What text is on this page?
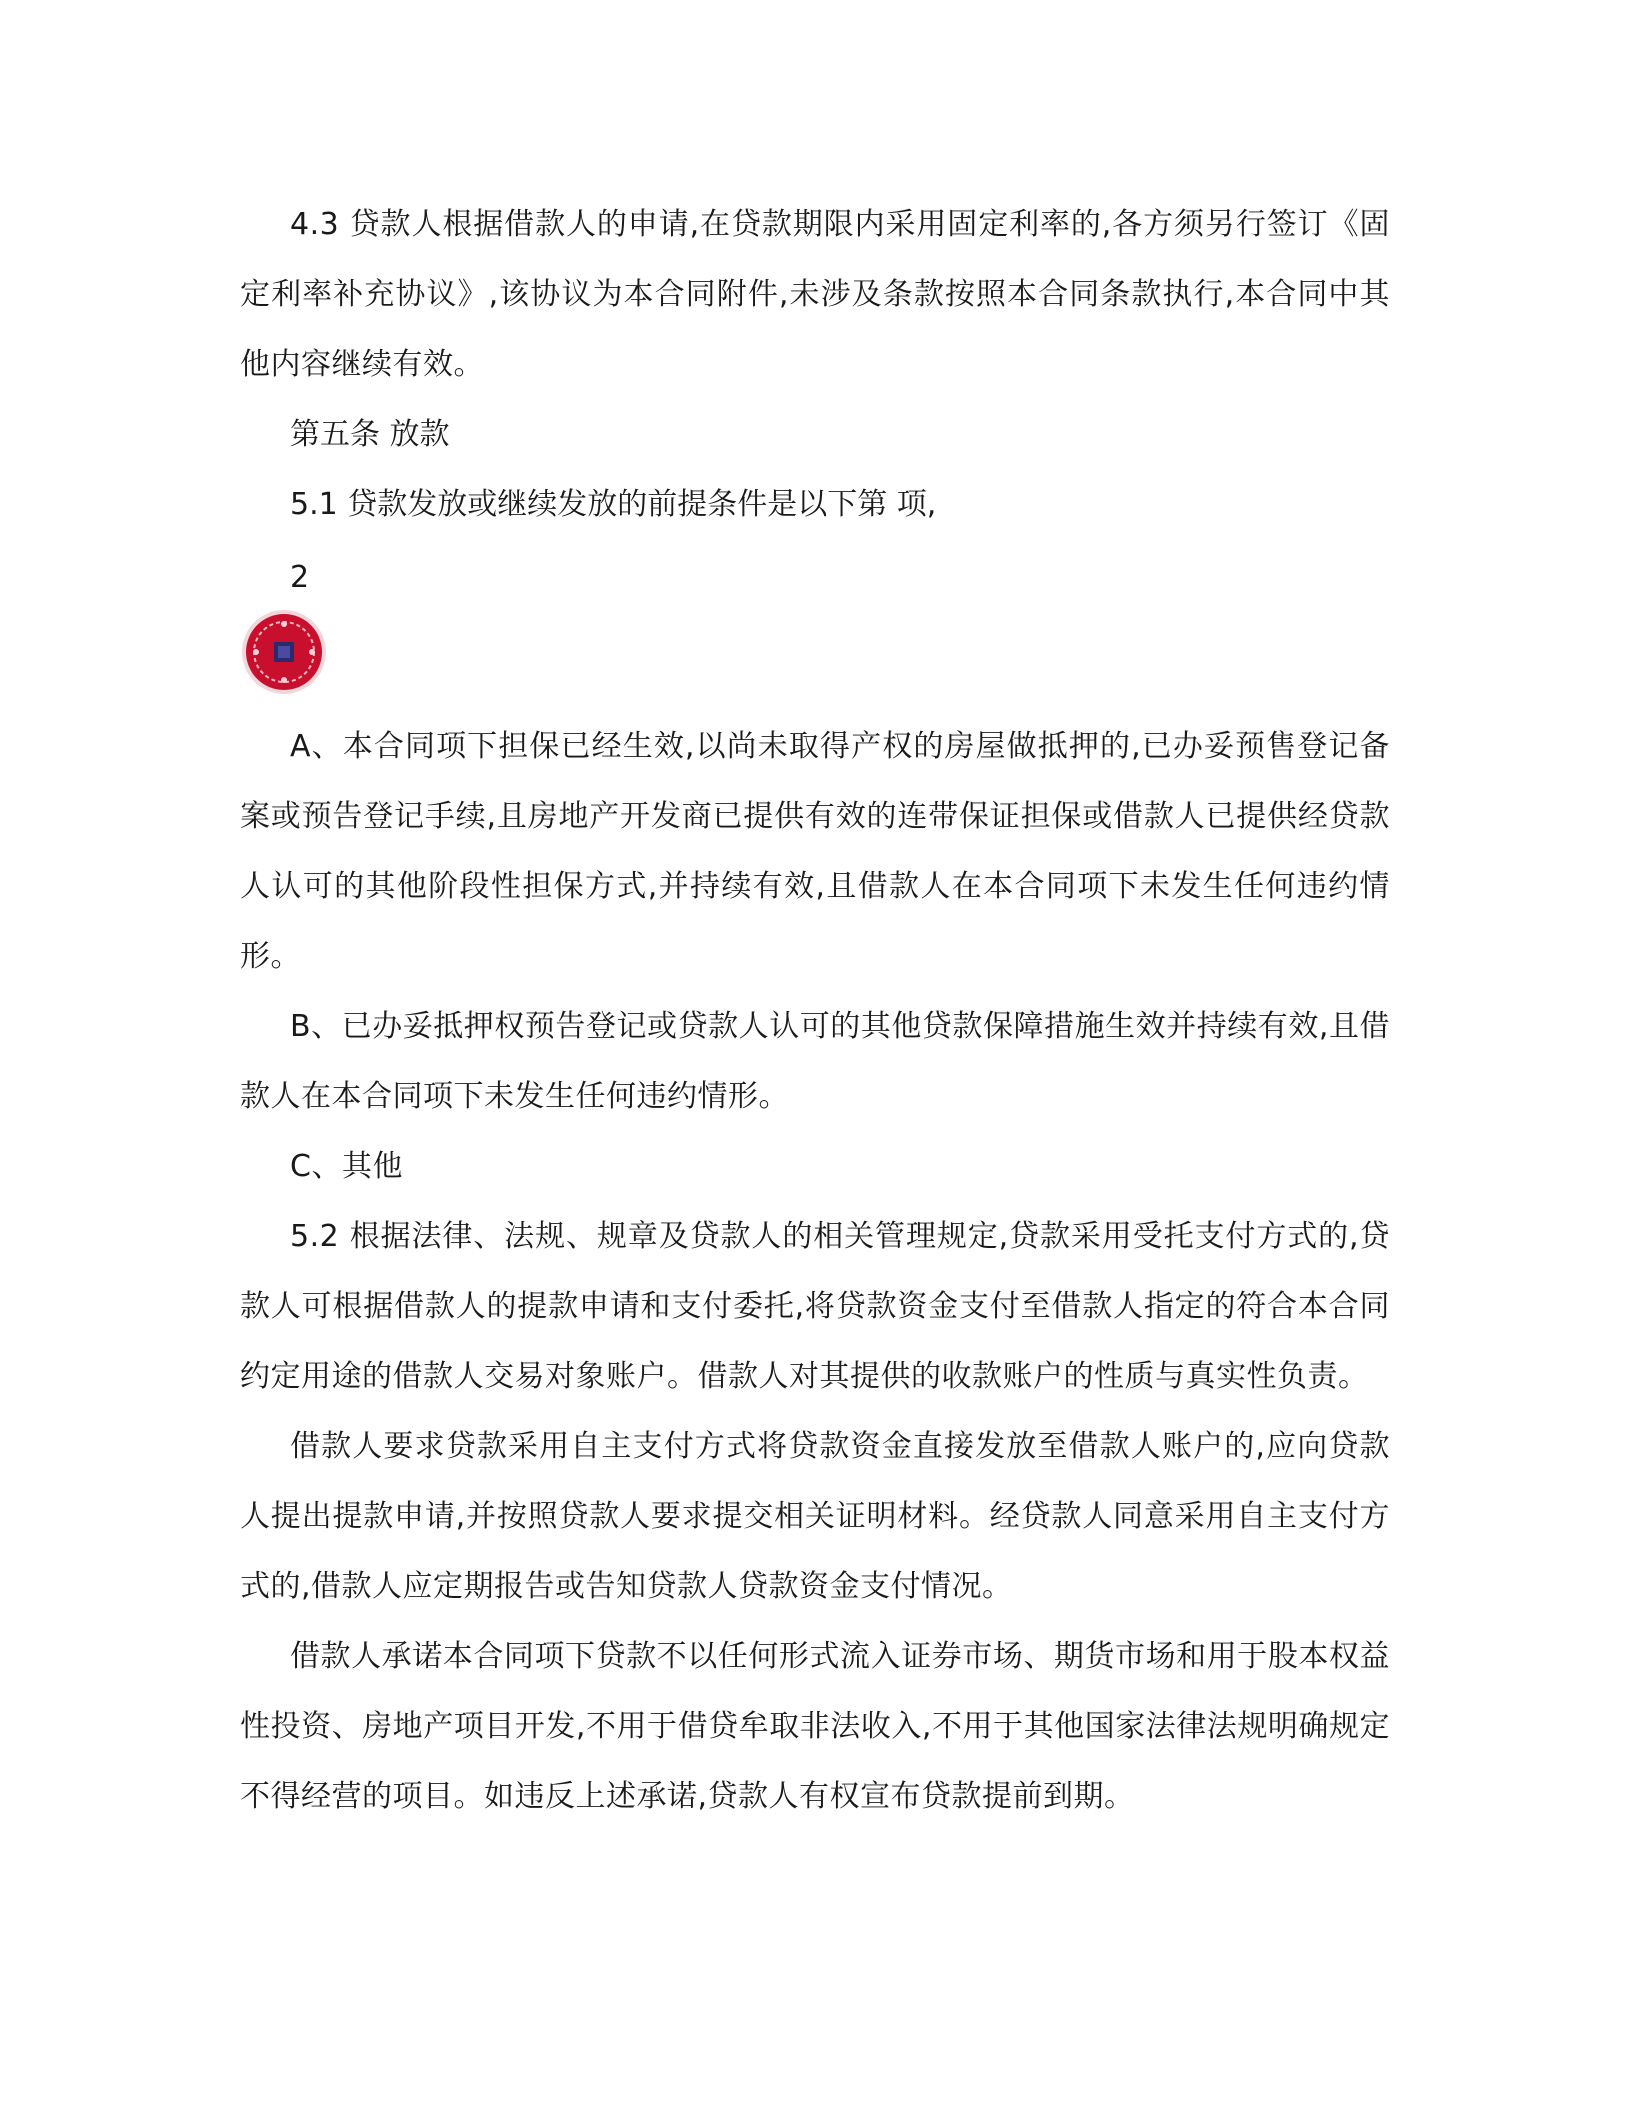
4.3 贷款人根据借款人的申请,在贷款期限内采用固定利率的,各方须另行签订《固定利率补充协议》,该协议为本合同附件,未涉及条款按照本合同条款执行,本合同中其他内容继续有效。

第五条 放款

5.1 贷款发放或继续发放的前提条件是以下第 项,

2

A、本合同项下担保已经生效,以尚未取得产权的房屋做抵押的,已办妥预售登记备案或预告登记手续,且房地产开发商已提供有效的连带保证担保或借款人已提供经贷款人认可的其他阶段性担保方式,并持续有效,且借款人在本合同项下未发生任何违约情形。

B、已办妥抵押权预告登记或贷款人认可的其他贷款保障措施生效并持续有效,且借款人在本合同项下未发生任何违约情形。

C、其他

5.2 根据法律、法规、规章及贷款人的相关管理规定,贷款采用受托支付方式的,贷款人可根据借款人的提款申请和支付委托,将贷款资金支付至借款人指定的符合本合同约定用途的借款人交易对象账户。借款人对其提供的收款账户的性质与真实性负责。

借款人要求贷款采用自主支付方式将贷款资金直接发放至借款人账户的,应向贷款人提出提款申请,并按照贷款人要求提交相关证明材料。经贷款人同意采用自主支付方式的,借款人应定期报告或告知贷款人贷款资金支付情况。

借款人承诺本合同项下贷款不以任何形式流入证券市场、期货市场和用于股本权益性投资、房地产项目开发,不用于借贷牟取非法收入,不用于其他国家法律法规明确规定不得经营的项目。如违反上述承诺,贷款人有权宣布贷款提前到期。
